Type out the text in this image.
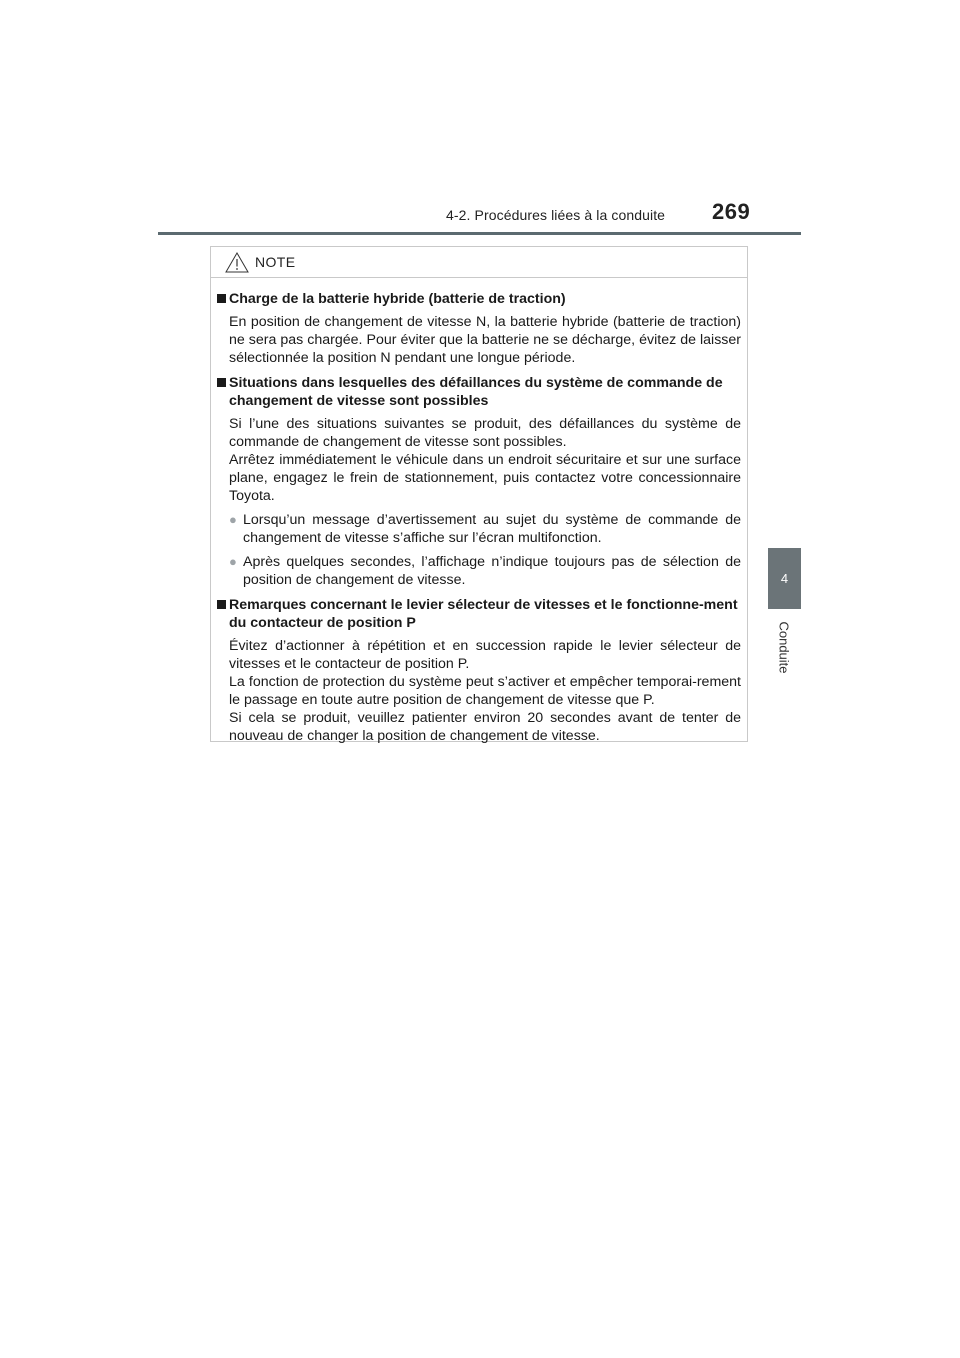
4-2. Procédures liées à la conduite 269
4
Conduite
NOTE
Charge de la batterie hybride (batterie de traction)
En position de changement de vitesse N, la batterie hybride (batterie de traction) ne sera pas chargée. Pour éviter que la batterie ne se décharge, évitez de laisser sélectionnée la position N pendant une longue période.
Situations dans lesquelles des défaillances du système de commande de changement de vitesse sont possibles
Si l’une des situations suivantes se produit, des défaillances du système de commande de changement de vitesse sont possibles.
Arrêtez immédiatement le véhicule dans un endroit sécuritaire et sur une surface plane, engagez le frein de stationnement, puis contactez votre concessionnaire Toyota.
● Lorsqu’un message d’avertissement au sujet du système de commande de changement de vitesse s’affiche sur l’écran multifonction.
● Après quelques secondes, l’affichage n’indique toujours pas de sélection de position de changement de vitesse.
Remarques concernant le levier sélecteur de vitesses et le fonctionne-ment du contacteur de position P
Évitez d’actionner à répétition et en succession rapide le levier sélecteur de vitesses et le contacteur de position P.
La fonction de protection du système peut s’activer et empêcher temporai-rement le passage en toute autre position de changement de vitesse que P.
Si cela se produit, veuillez patienter environ 20 secondes avant de tenter de nouveau de changer la position de changement de vitesse.
